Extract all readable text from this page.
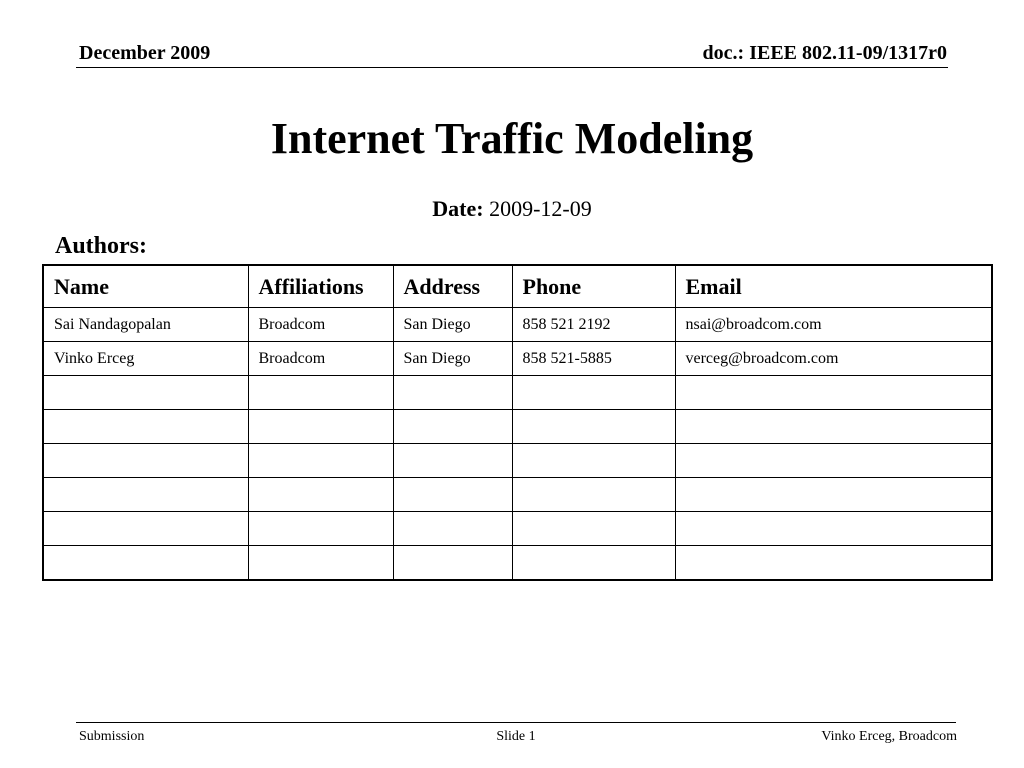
December 2009	doc.: IEEE 802.11-09/1317r0
Internet Traffic Modeling
Date: 2009-12-09
Authors:
Name	Affiliations	Address	Phone	Email
Sai Nandagopalan	Broadcom	San Diego	858 521 2192	nsai@broadcom.com
Vinko Erceg	Broadcom	San Diego	858 521-5885	verceg@broadcom.com

Submission	Slide 1	Vinko Erceg, Broadcom
